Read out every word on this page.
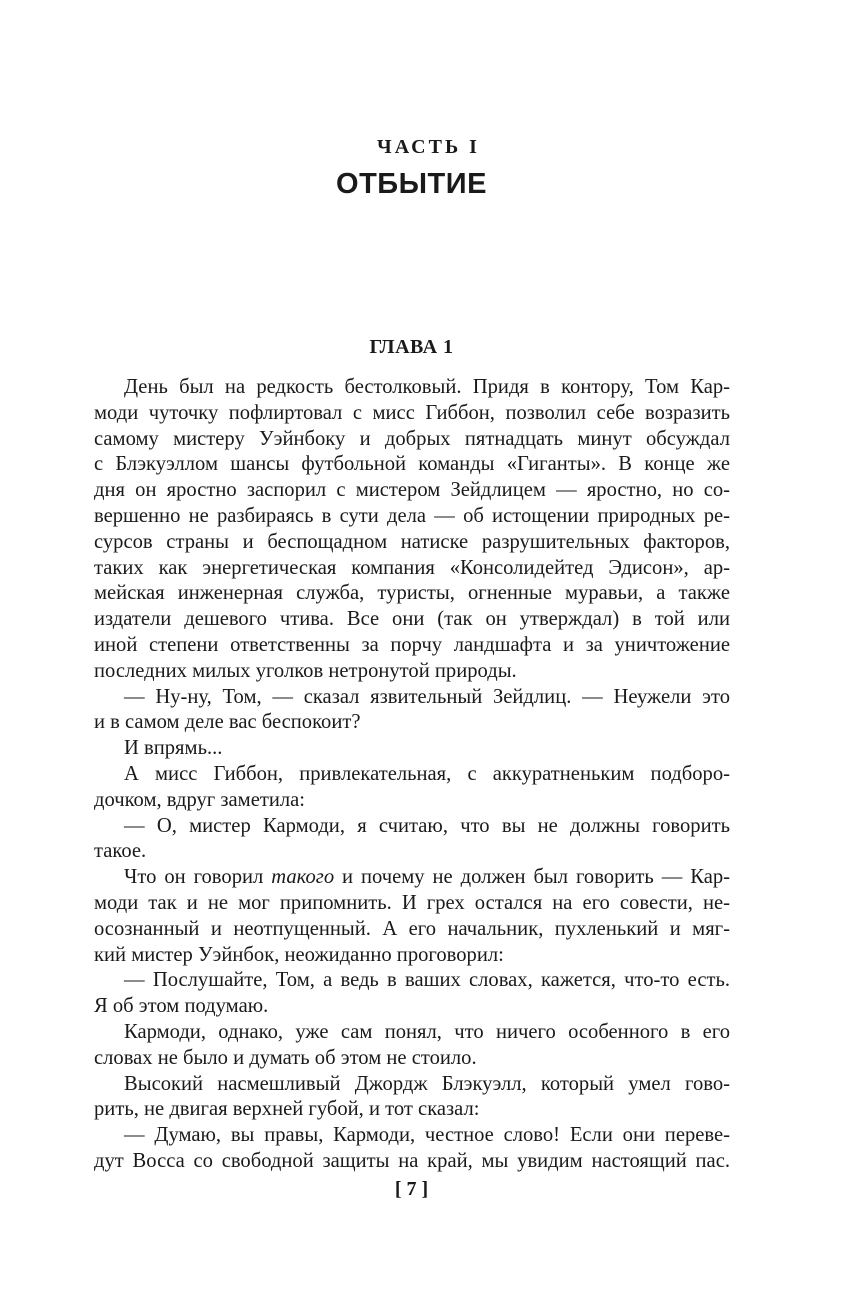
ЧАСТЬ I
ОТБЫТИЕ
ГЛАВА 1
День был на редкость бестолковый. Придя в контору, Том Кар-
моди чуточку пофлиртовал с мисс Гиббон, позволил себе возразить
самому мистеру Уэйнбоку и добрых пятнадцать минут обсуждал
с Блэкуэллом шансы футбольной команды «Гиганты». В конце же
дня он яростно заспорил с мистером Зейдлицем — яростно, но со-
вершенно не разбираясь в сути дела — об истощении природных ре-
сурсов страны и беспощадном натиске разрушительных факторов,
таких как энергетическая компания «Консолидейтед Эдисон», ар-
мейская инженерная служба, туристы, огненные муравьи, а также
издатели дешевого чтива. Все они (так он утверждал) в той или
иной степени ответственны за порчу ландшафта и за уничтожение
последних милых уголков нетронутой природы.
— Ну-ну, Том, — сказал язвительный Зейдлиц. — Неужели это
и в самом деле вас беспокоит?
И впрямь...
А мисс Гиббон, привлекательная, с аккуратненьким подборо-
дочком, вдруг заметила:
— О, мистер Кармоди, я считаю, что вы не должны говорить
такое.
Что он говорил такого и почему не должен был говорить — Кар-
моди так и не мог припомнить. И грех остался на его совести, не-
осознанный и неотпущенный. А его начальник, пухленький и мяг-
кий мистер Уэйнбок, неожиданно проговорил:
— Послушайте, Том, а ведь в ваших словах, кажется, что-то есть.
Я об этом подумаю.
Кармоди, однако, уже сам понял, что ничего особенного в его
словах не было и думать об этом не стоило.
Высокий насмешливый Джордж Блэкуэлл, который умел гово-
рить, не двигая верхней губой, и тот сказал:
— Думаю, вы правы, Кармоди, честное слово! Если они переве-
дут Восса со свободной защиты на край, мы увидим настоящий пас.
[ 7 ]
